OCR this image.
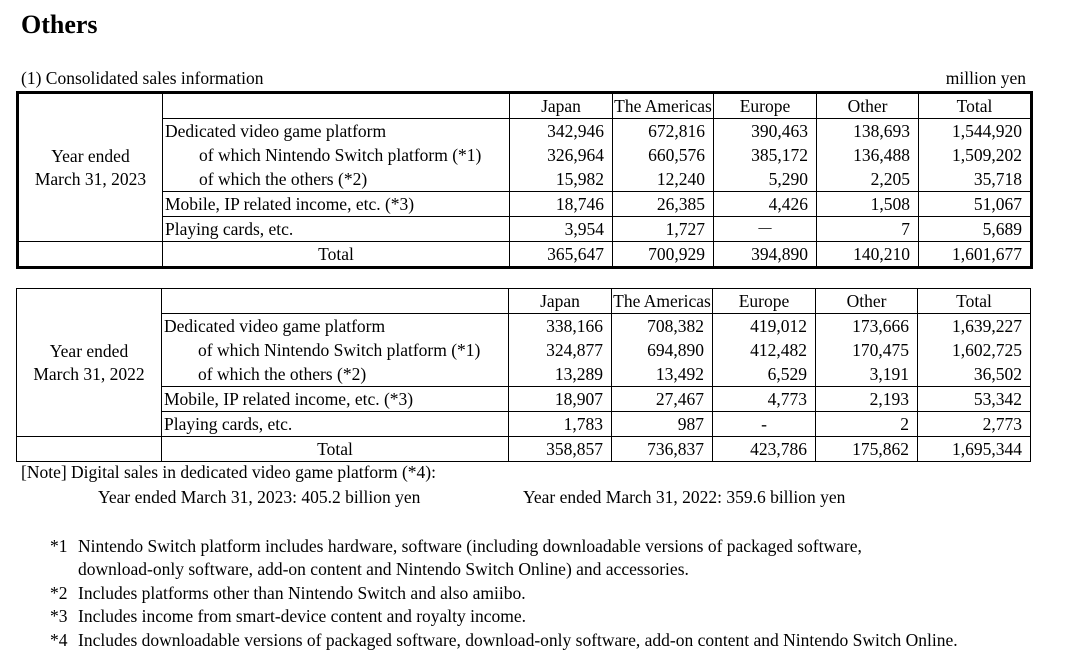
Others
(1) Consolidated sales information	million yen
Year ended
March 31, 2023		Japan	The Americas	Europe	Other	Total
	Dedicated video game platform	342,946	672,816	390,463	138,693	1,544,920
	of which Nintendo Switch platform (*1)	326,964	660,576	385,172	136,488	1,509,202
	of which the others (*2)	15,982	12,240	5,290	2,205	35,718
	Mobile, IP related income, etc. (*3)	18,746	26,385	4,426	1,508	51,067
	Playing cards, etc.	3,954	1,727	－	7	5,689
	Total	365,647	700,929	394,890	140,210	1,601,677
Year ended
March 31, 2022		Japan	The Americas	Europe	Other	Total
	Dedicated video game platform	338,166	708,382	419,012	173,666	1,639,227
	of which Nintendo Switch platform (*1)	324,877	694,890	412,482	170,475	1,602,725
	of which the others (*2)	13,289	13,492	6,529	3,191	36,502
	Mobile, IP related income, etc. (*3)	18,907	27,467	4,773	2,193	53,342
	Playing cards, etc.	1,783	987	-	2	2,773
	Total	358,857	736,837	423,786	175,862	1,695,344
[Note] Digital sales in dedicated video game platform (*4):
Year ended March 31, 2023: 405.2 billion yen	Year ended March 31, 2022: 359.6 billion yen
*1 Nintendo Switch platform includes hardware, software (including downloadable versions of packaged software,
download-only software, add-on content and Nintendo Switch Online) and accessories.
*2 Includes platforms other than Nintendo Switch and also amiibo.
*3 Includes income from smart-device content and royalty income.
*4 Includes downloadable versions of packaged software, download-only software, add-on content and Nintendo Switch Online.
